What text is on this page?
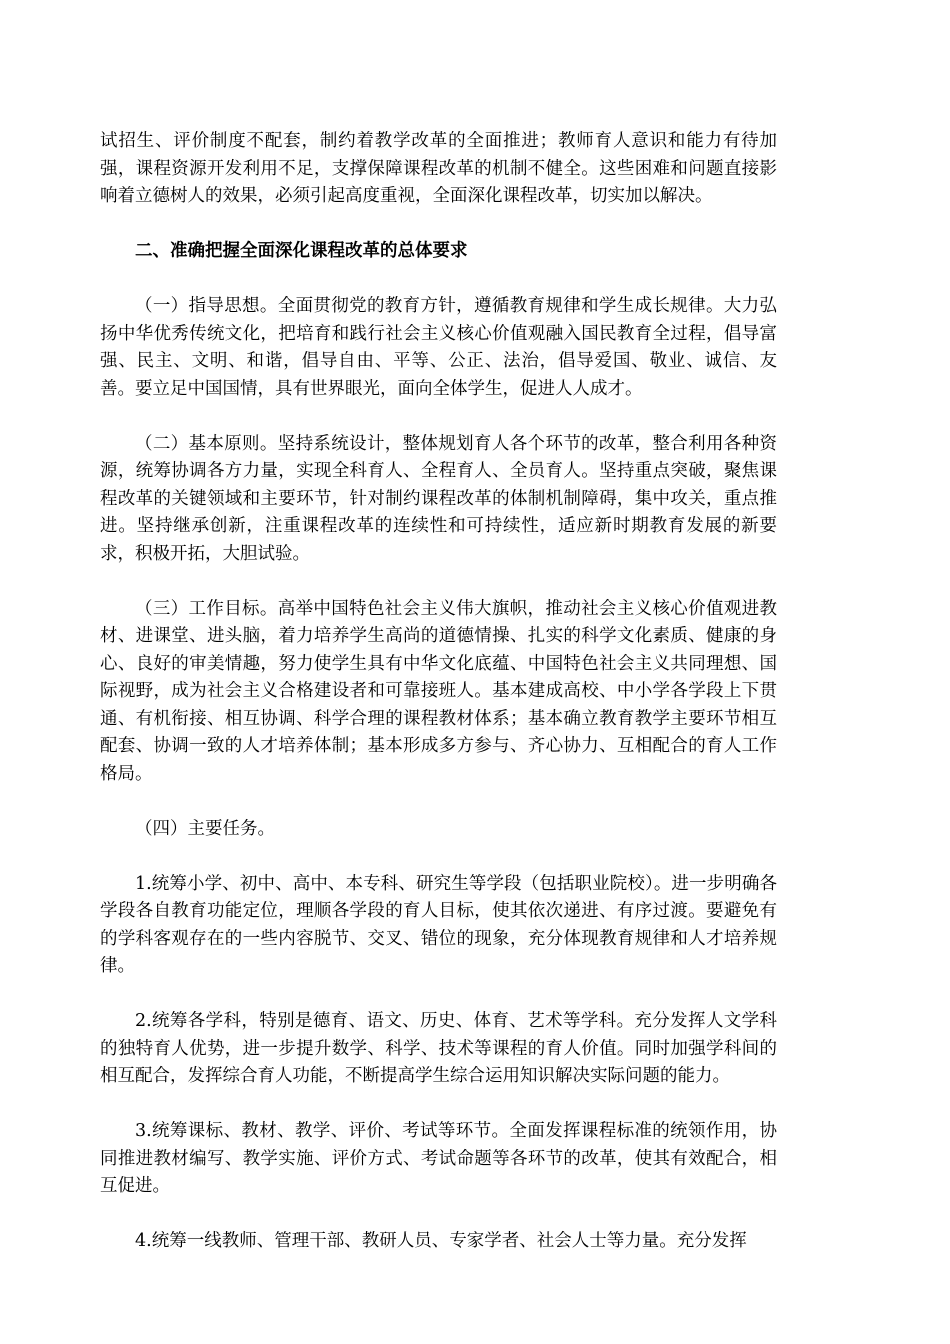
试招生、评价制度不配套，制约着教学改革的全面推进；教师育人意识和能力有待加强，课程资源开发利用不足，支撑保障课程改革的机制不健全。这些困难和问题直接影响着立德树人的效果，必须引起高度重视，全面深化课程改革，切实加以解决。

二、准确把握全面深化课程改革的总体要求

（一）指导思想。全面贯彻党的教育方针，遵循教育规律和学生成长规律。大力弘扬中华优秀传统文化，把培育和践行社会主义核心价值观融入国民教育全过程，倡导富强、民主、文明、和谐，倡导自由、平等、公正、法治，倡导爱国、敬业、诚信、友善。要立足中国国情，具有世界眼光，面向全体学生，促进人人成才。

（二）基本原则。坚持系统设计，整体规划育人各个环节的改革，整合利用各种资源，统筹协调各方力量，实现全科育人、全程育人、全员育人。坚持重点突破，聚焦课程改革的关键领域和主要环节，针对制约课程改革的体制机制障碍，集中攻关，重点推进。坚持继承创新，注重课程改革的连续性和可持续性，适应新时期教育发展的新要求，积极开拓，大胆试验。

（三）工作目标。高举中国特色社会主义伟大旗帜，推动社会主义核心价值观进教材、进课堂、进头脑，着力培养学生高尚的道德情操、扎实的科学文化素质、健康的身心、良好的审美情趣，努力使学生具有中华文化底蕴、中国特色社会主义共同理想、国际视野，成为社会主义合格建设者和可靠接班人。基本建成高校、中小学各学段上下贯通、有机衔接、相互协调、科学合理的课程教材体系；基本确立教育教学主要环节相互配套、协调一致的人才培养体制；基本形成多方参与、齐心协力、互相配合的育人工作格局。

（四）主要任务。

1.统筹小学、初中、高中、本专科、研究生等学段（包括职业院校）。进一步明确各学段各自教育功能定位，理顺各学段的育人目标，使其依次递进、有序过渡。要避免有的学科客观存在的一些内容脱节、交叉、错位的现象，充分体现教育规律和人才培养规律。

2.统筹各学科，特别是德育、语文、历史、体育、艺术等学科。充分发挥人文学科的独特育人优势，进一步提升数学、科学、技术等课程的育人价值。同时加强学科间的相互配合，发挥综合育人功能，不断提高学生综合运用知识解决实际问题的能力。

3.统筹课标、教材、教学、评价、考试等环节。全面发挥课程标准的统领作用，协同推进教材编写、教学实施、评价方式、考试命题等各环节的改革，使其有效配合，相互促进。

4.统筹一线教师、管理干部、教研人员、专家学者、社会人士等力量。充分发挥
